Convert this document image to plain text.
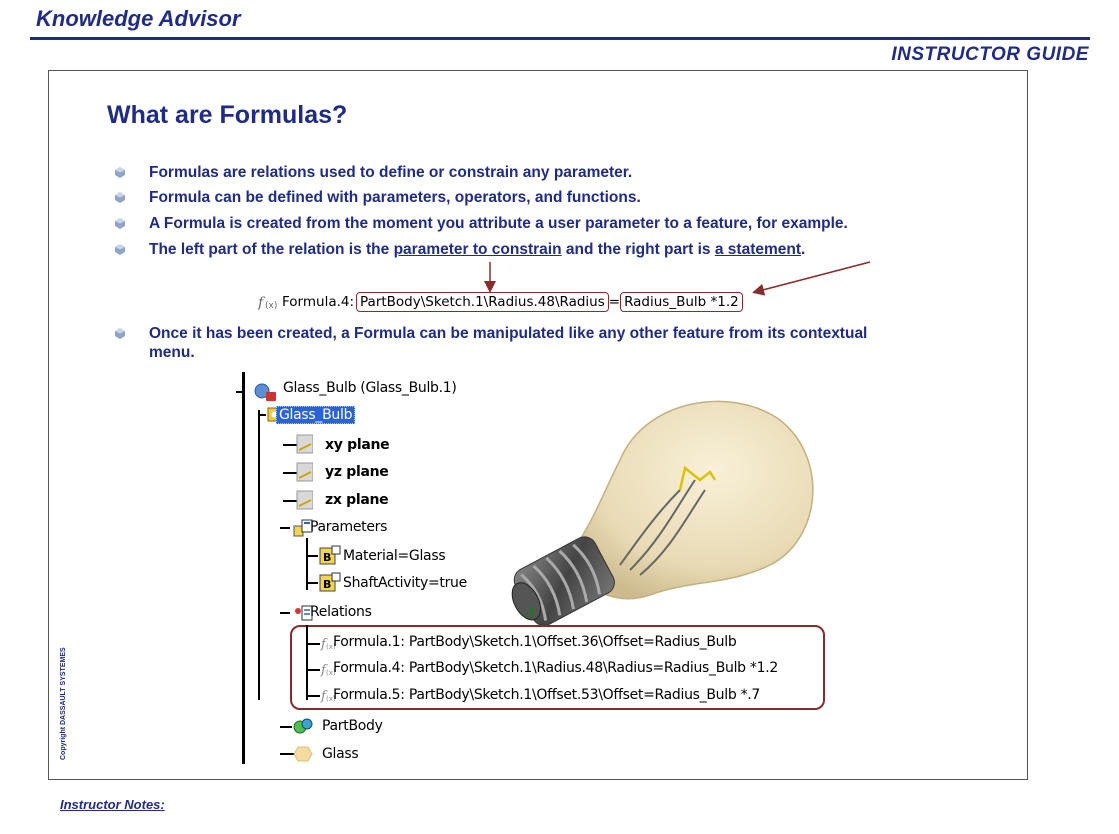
Knowledge Advisor
INSTRUCTOR GUIDE
What are Formulas?
Formulas are relations used to define or constrain any parameter.
Formula can be defined with parameters, operators, and functions.
A Formula is created from the moment you attribute a user parameter to a feature, for example.
The left part of the relation is the parameter to constrain and the right part is a statement.
f (x) Formula.4: PartBody\Sketch.1\Radius.48\Radius = Radius_Bulb *1.2
Once it has been created, a Formula can be manipulated like any other feature from its contextual menu.
⚓
Glass_Bulb (Glass_Bulb.1)
Glass_Bulb
xy plane
yz plane
zx plane
Parameters
B Material=Glass
B ShaftActivity=true
Relations
f (x)
Formula.1: PartBody\Sketch.1\Offset.36\Offset=Radius_Bulb
f (x)
Formula.4: PartBody\Sketch.1\Radius.48\Radius=Radius_Bulb *1.2
f (x)
Formula.5: PartBody\Sketch.1\Offset.53\Offset=Radius_Bulb *.7
PartBody
Glass
Copyright DASSAULT SYSTEMES
Instructor Notes:
